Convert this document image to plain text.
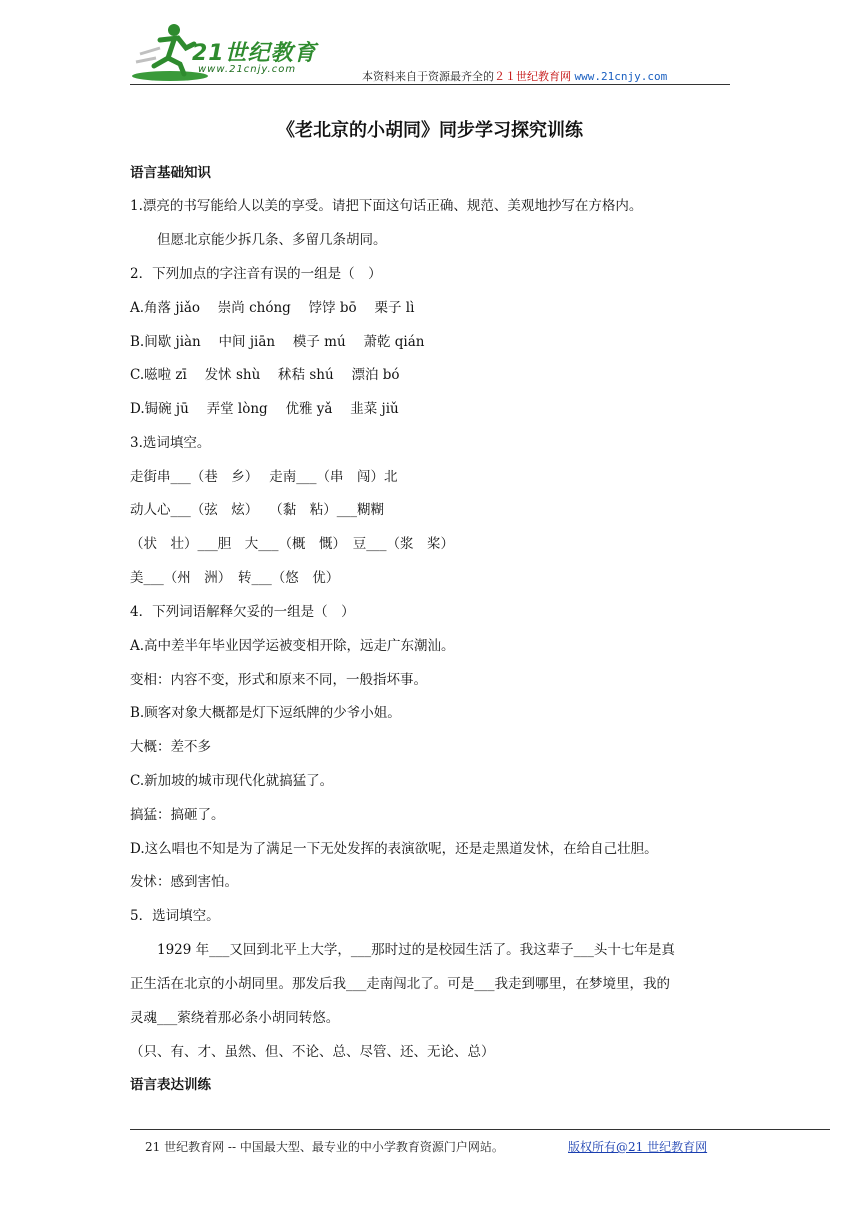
21世纪教育
www.21cnjy.com
本资料来自于资源最齐全的２１世纪教育网 www.21cnjy.com
《老北京的小胡同》同步学习探究训练
语言基础知识
1.漂亮的书写能给人以美的享受。请把下面这句话正确、规范、美观地抄写在方格内。
　　但愿北京能少拆几条、多留几条胡同。
2．下列加点的字注音有误的一组是（　）
A.角落 jiǎo　 崇尚 chóng　 饽饽 bō　 栗子 lì
B.间歇 jiàn　 中间 jiān　 模子 mú　 萧乾 qián
C.嗞啦 zī　 发怵 shù　 秫秸 shú　 漂泊 bó
D.锔碗 jū　 弄堂 lòng　 优雅 yǎ　 韭菜 jiǔ
3.选词填空。
走街串___（巷　乡）　 走南___（串　闯）北
动人心___（弦　炫）　 （黏　粘）___糊糊
（状　壮）___胆　大___（概　慨）　豆___（浆　桨）
美___（州　洲）　转___（悠　优）
4．下列词语解释欠妥的一组是（　）
A.高中差半年毕业因学运被变相开除，远走广东潮汕。
变相：内容不变，形式和原来不同，一般指坏事。
B.顾客对象大概都是灯下逗纸牌的少爷小姐。
大概：差不多
C.新加坡的城市现代化就搞猛了。
搞猛：搞砸了。
D.这么唱也不知是为了满足一下无处发挥的表演欲呢，还是走黑道发怵，在给自己壮胆。
发怵：感到害怕。
5．选词填空。
　　1929 年___又回到北平上大学，___那时过的是校园生活了。我这辈子___头十七年是真
正生活在北京的小胡同里。那发后我___走南闯北了。可是___我走到哪里，在梦境里，我的
灵魂___萦绕着那必条小胡同转悠。
（只、有、才、虽然、但、不论、总、尽管、还、无论、总）
语言表达训练
21 世纪教育网 -- 中国最大型、最专业的中小学教育资源门户网站。	版权所有@21 世纪教育网
